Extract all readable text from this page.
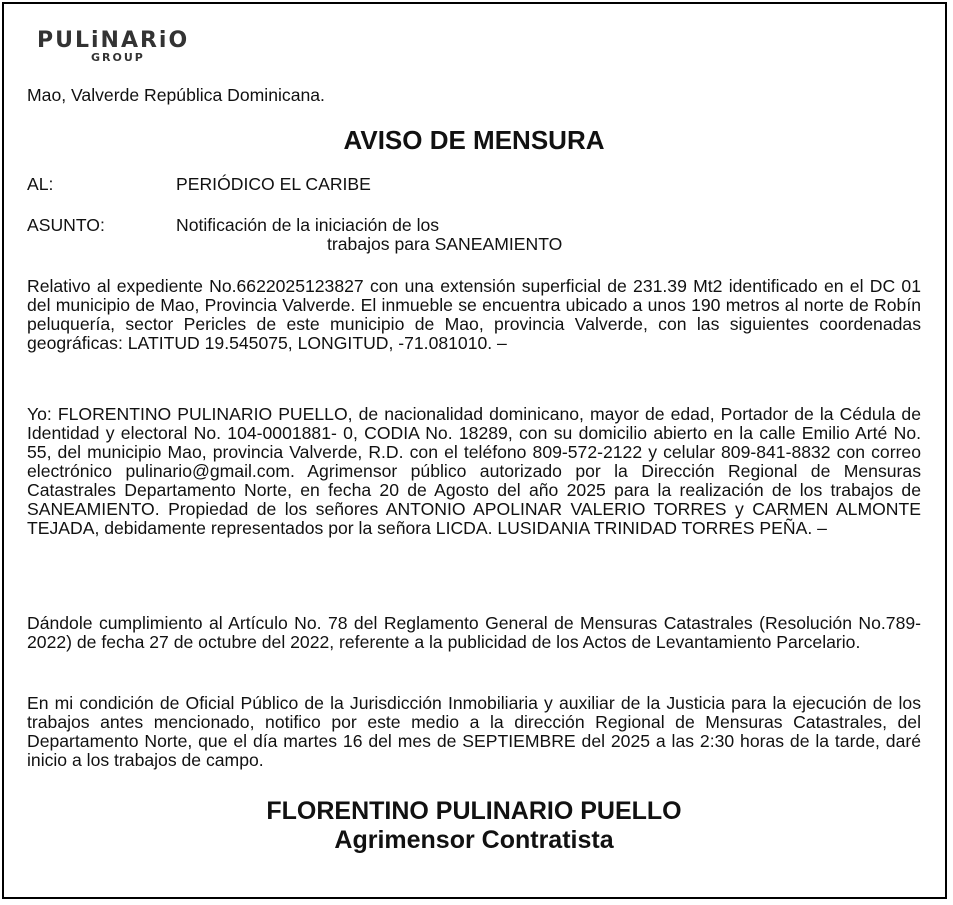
PULiNARiO
GROUP
Mao, Valverde República Dominicana.
AVISO DE MENSURA
AL:	PERIÓDICO EL CARIBE
ASUNTO:	Notificación de la iniciación de los
trabajos para SANEAMIENTO
Relativo al expediente No.6622025123827 con una extensión superficial de 231.39 Mt2 identificado en el DC 01 del municipio de Mao, Provincia Valverde. El inmueble se encuentra ubicado a unos 190 metros al norte de Robín peluquería, sector Pericles de este municipio de Mao, provincia Valverde, con las siguientes coordenadas geográficas: LATITUD 19.545075, LONGITUD, -71.081010. –
Yo: FLORENTINO PULINARIO PUELLO, de nacionalidad dominicano, mayor de edad, Portador de la Cédula de Identidad y electoral No. 104-0001881- 0, CODIA No. 18289, con su domicilio abierto en la calle Emilio Arté No. 55, del municipio Mao, provincia Valverde, R.D. con el teléfono 809-572-2122 y celular 809-841-8832 con correo electrónico pulinario@gmail.com. Agrimensor público autorizado por la Dirección Regional de Mensuras Catastrales Departamento Norte, en fecha 20 de Agosto del año 2025 para la realización de los trabajos de SANEAMIENTO. Propiedad de los señores ANTONIO APOLINAR VALERIO TORRES y CARMEN ALMONTE TEJADA, debidamente representados por la señora LICDA. LUSIDANIA TRINIDAD TORRES PEÑA. –
Dándole cumplimiento al Artículo No. 78 del Reglamento General de Mensuras Catastrales (Resolución No.789-2022) de fecha 27 de octubre del 2022, referente a la publicidad de los Actos de Levantamiento Parcelario.
En mi condición de Oficial Público de la Jurisdicción Inmobiliaria y auxiliar de la Justicia para la ejecución de los trabajos antes mencionado, notifico por este medio a la dirección Regional de Mensuras Catastrales, del Departamento Norte, que el día martes 16 del mes de SEPTIEMBRE del 2025 a las 2:30 horas de la tarde, daré inicio a los trabajos de campo.
FLORENTINO PULINARIO PUELLO
Agrimensor Contratista
